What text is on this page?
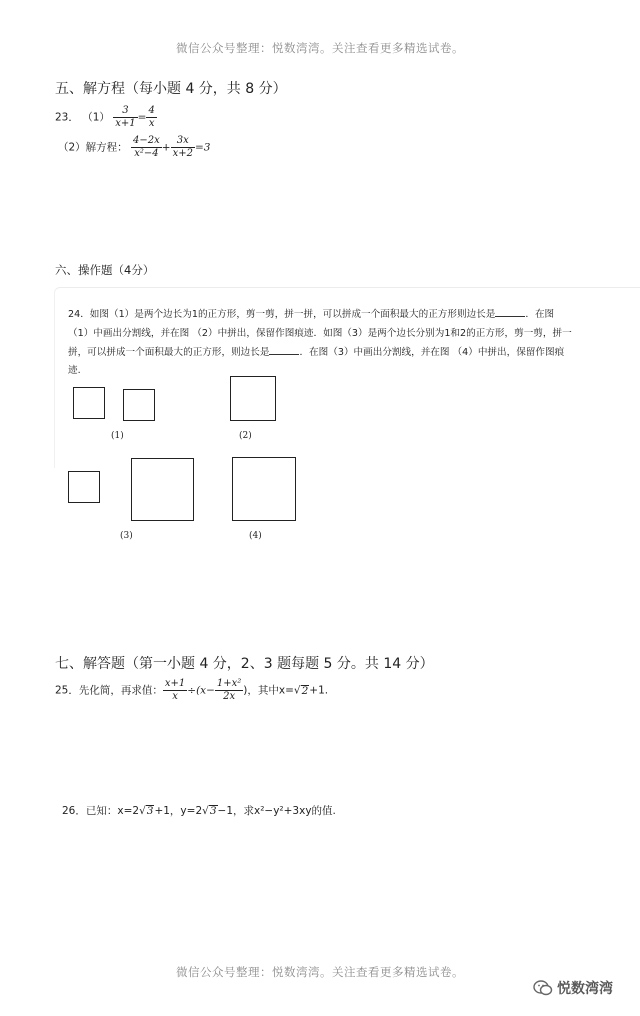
微信公众号整理：悦数湾湾。关注查看更多精选试卷。
五、解方程（每小题 4 分，共 8 分）
23． $(1) \frac{3}{x+1} = \frac{4}{x}$
（2）解方程： $\frac{4-2x}{\text{x²−4}} + \frac{3x}{x+2} =3$
六、操作题（4分）
24．如图（1）是两个边长为1的正方形，剪一剪，拼一拼，可以拼成一个面积最大的正方形则边长是	．在图
（1）中画出分割线，并在图 （2）中拼出，保留作图痕迹．如图（3）是两个边长分别为1和2的正方形，剪一剪，拼一
拼，可以拼成一个面积最大的正方形，则边长是	．在图（3）中画出分割线，并在图 （4）中拼出，保留作图痕
迹.
(1)	(2)
(3)	(4)
七、解答题（第一小题 4 分，2、3 题每题 5 分。共 14 分）
25．先化简，再求值： $\frac{x+1}{x} \div(x- \frac{\text{1+x²}}{2x}$ )，其中x=√2+1.
26．已知：x=2√3+1，y=2√3−1，求x²−y²+3xy的值.
微信公众号整理：悦数湾湾。关注查看更多精选试卷。
悦数湾湾
